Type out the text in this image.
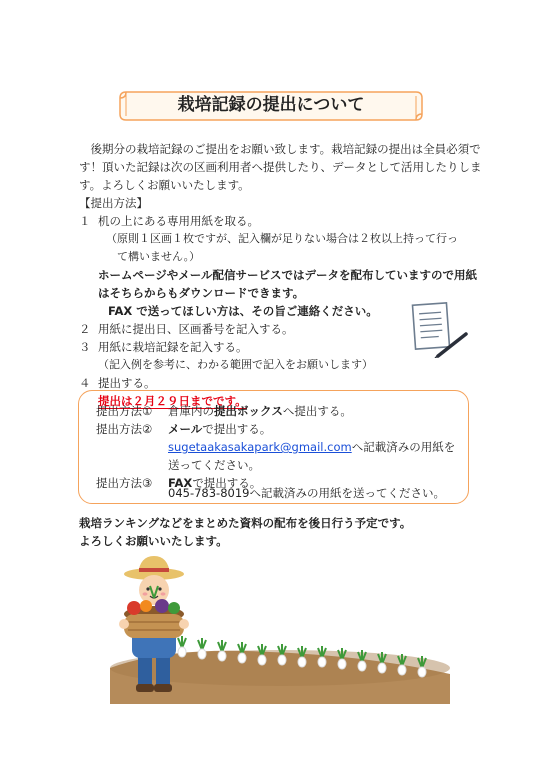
栽培記録の提出について
　後期分の栽培記録のご提出をお願い致します。栽培記録の提出は全員必須で
す！頂いた記録は次の区画利用者へ提供したり、データとして活用したりしま
す。よろしくお願いいたします。
【提出方法】
１ 机の上にある専用用紙を取る。
（原則１区画１枚ですが、記入欄が足りない場合は２枚以上持って行っ
て構いません。）
ホームページやメール配信サービスではデータを配布していますので用紙
はそちらからもダウンロードできます。
FAX で送ってほしい方は、その旨ご連絡ください。
２ 用紙に提出日、区画番号を記入する。
３ 用紙に栽培記録を記入する。
（記入例を参考に、わかる範囲で記入をお願いします）
４ 提出する。
提出は２月２９日までです。
提出方法① 倉庫内の提出ボックスへ提出する。
提出方法② メールで提出する。
sugetaakasakapark@gmail.comへ記載済みの用紙を
送ってください。
提出方法③ FAXで提出する。
045-783-8019へ記載済みの用紙を送ってください。
栽培ランキングなどをまとめた資料の配布を後日行う予定です。
よろしくお願いいたします。
